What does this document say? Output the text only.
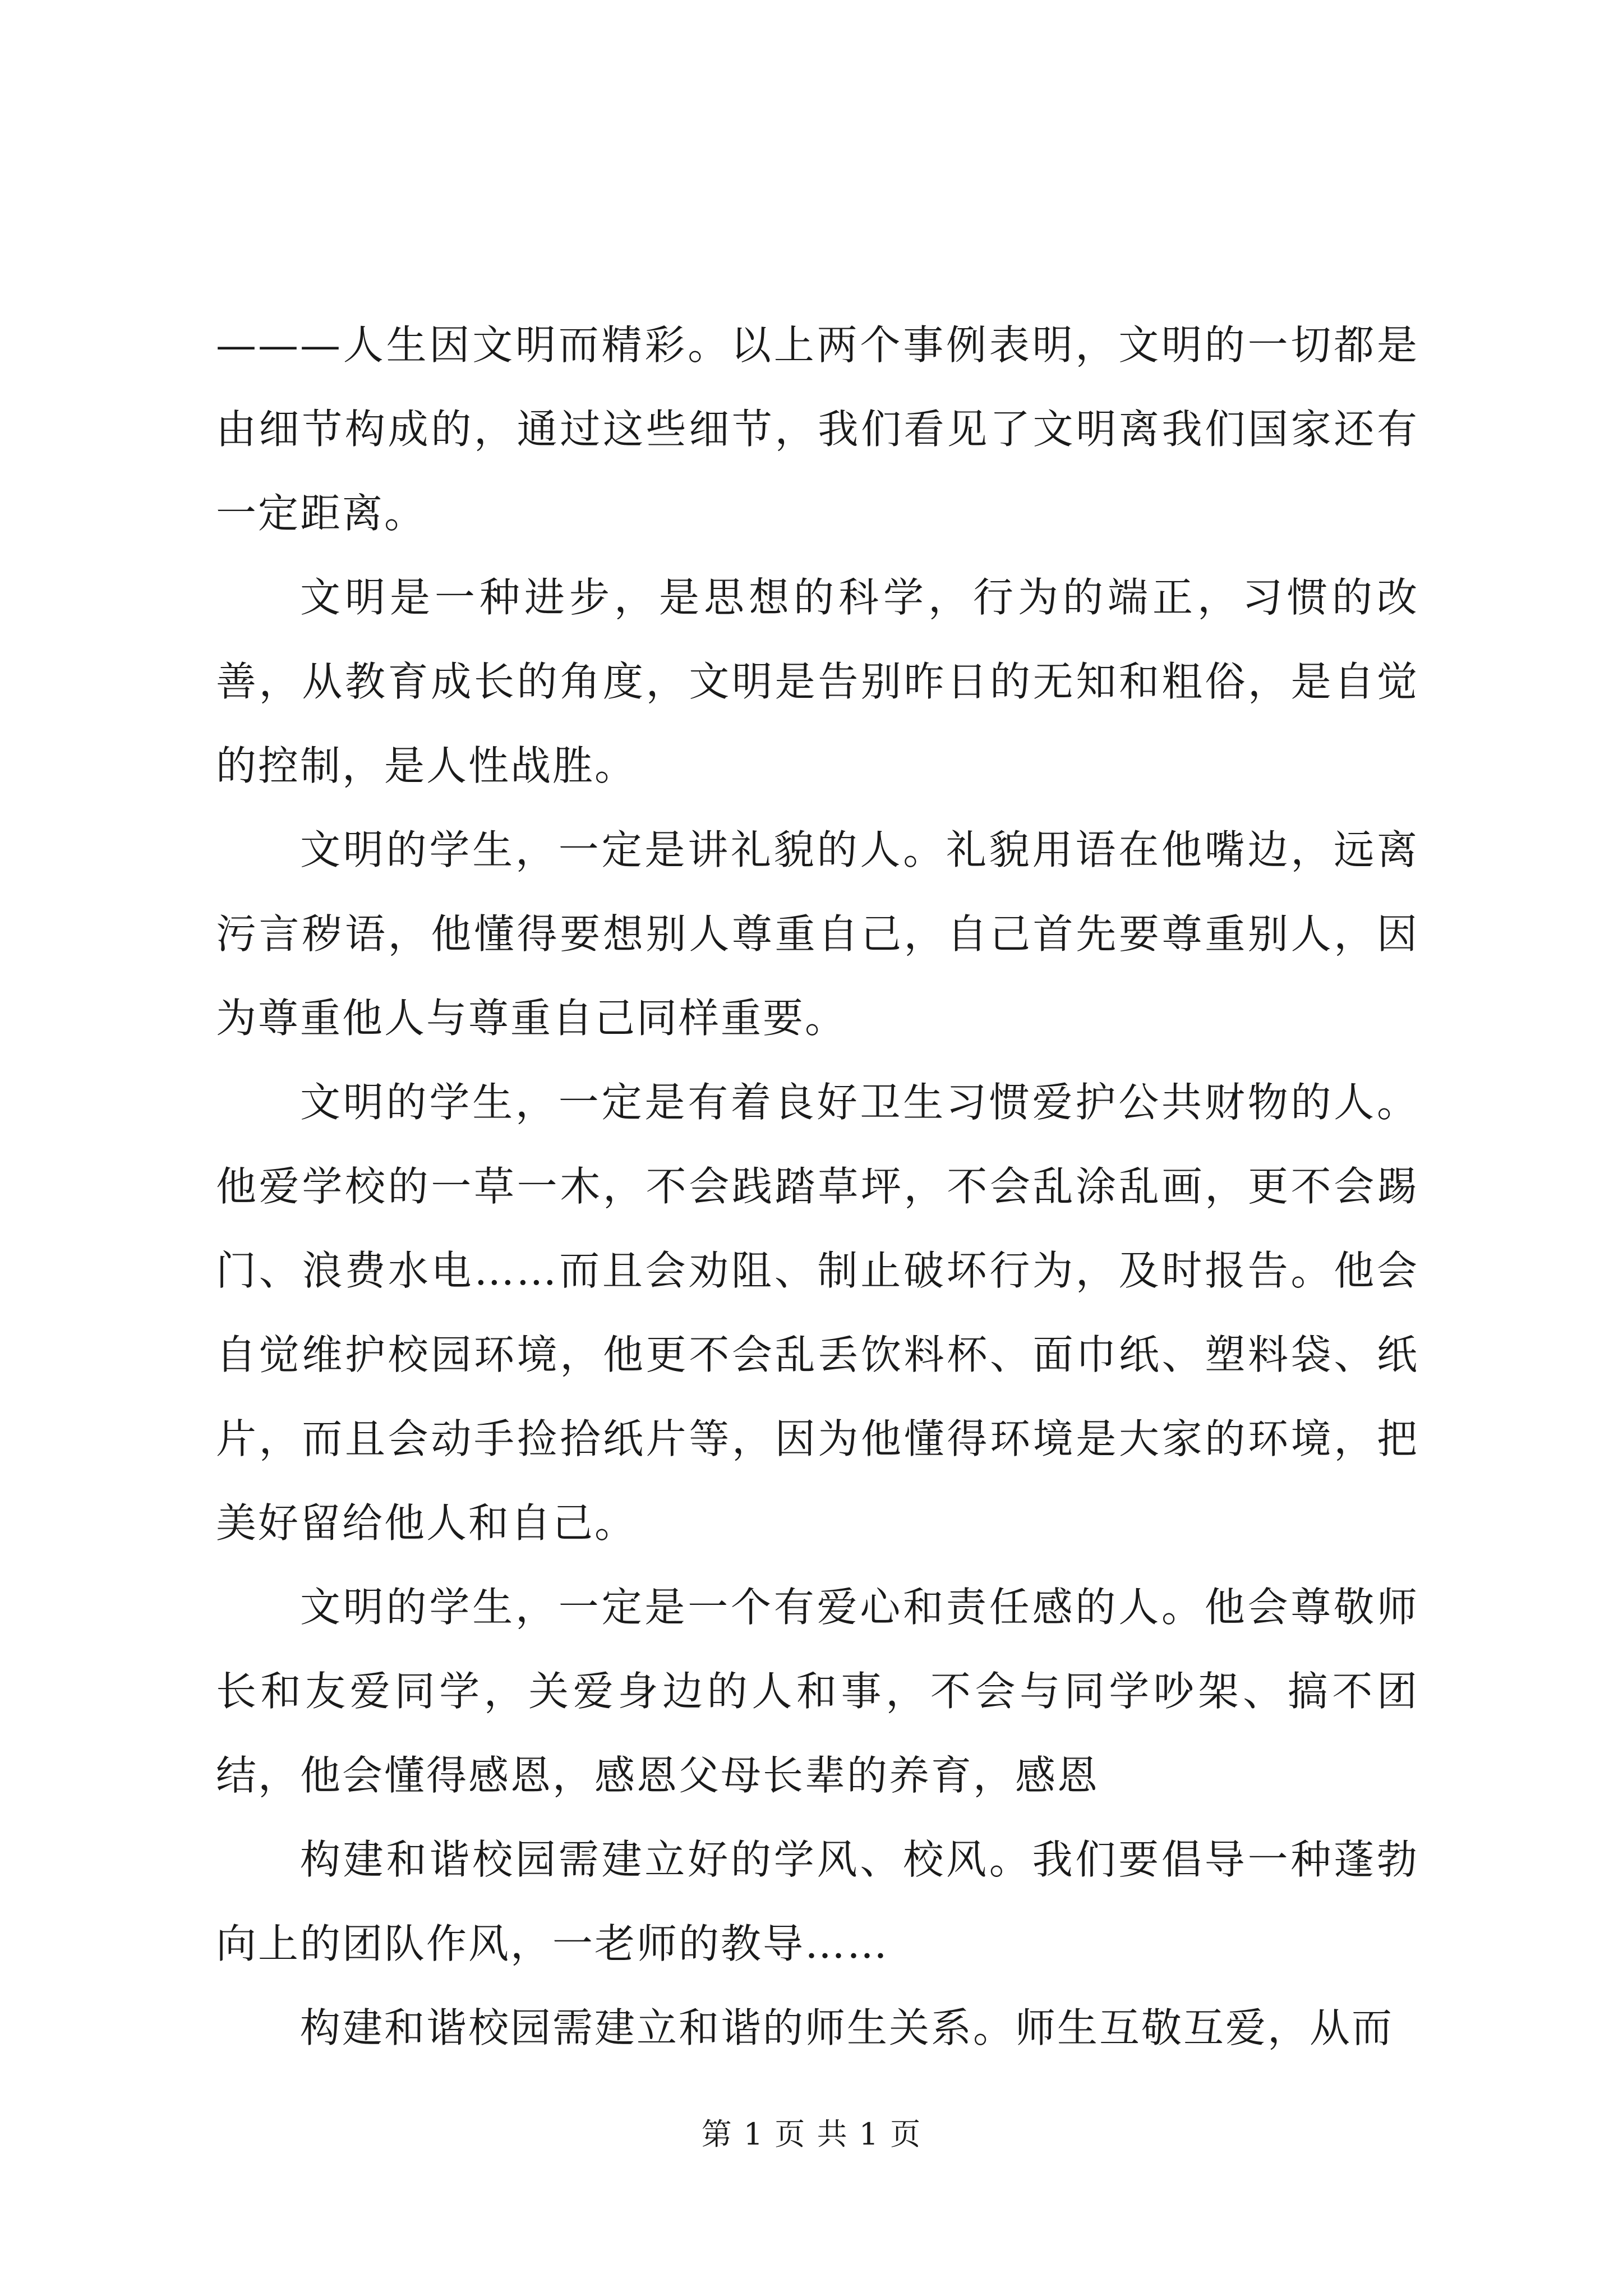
———人生因文明而精彩。以上两个事例表明，文明的一切都是由细节构成的，通过这些细节，我们看见了文明离我们国家还有一定距离。

文明是一种进步，是思想的科学，行为的端正，习惯的改善，从教育成长的角度，文明是告别昨日的无知和粗俗，是自觉的控制，是人性战胜。

文明的学生，一定是讲礼貌的人。礼貌用语在他嘴边，远离污言秽语，他懂得要想别人尊重自己，自己首先要尊重别人，因为尊重他人与尊重自己同样重要。

文明的学生，一定是有着良好卫生习惯爱护公共财物的人。他爱学校的一草一木，不会践踏草坪，不会乱涂乱画，更不会踢门、浪费水电……而且会劝阻、制止破坏行为，及时报告。他会自觉维护校园环境，他更不会乱丢饮料杯、面巾纸、塑料袋、纸片，而且会动手捡拾纸片等，因为他懂得环境是大家的环境，把美好留给他人和自己。

文明的学生，一定是一个有爱心和责任感的人。他会尊敬师长和友爱同学，关爱身边的人和事，不会与同学吵架、搞不团结，他会懂得感恩，感恩父母长辈的养育，感恩

构建和谐校园需建立好的学风、校风。我们要倡导一种蓬勃向上的团队作风，一老师的教导……

构建和谐校园需建立和谐的师生关系。师生互敬互爱，从而

第 1 页 共 1 页
